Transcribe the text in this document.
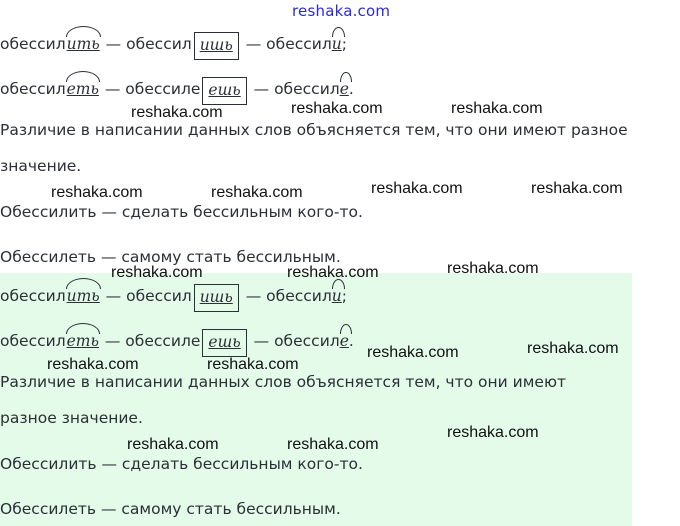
reshaka.com
обессилить — обессил ишь — обессили;
обессилеть — обессиле ешь — обессиле.
Различие в написании данных слов объясняется тем, что они имеют разное значение.
Обессилить — сделать бессильным кого-то.
Обессилеть — самому стать бессильным.
обессилить — обессил ишь — обессили;
обессилеть — обессиле ешь — обессиле.
Различие в написании данных слов объясняется тем, что они имеют разное значение.
Обессилить — сделать бессильным кого-то.
Обессилеть — самому стать бессильным.
reshaka.com	reshaka.com	reshaka.com
reshaka.com	reshaka.com	reshaka.com	reshaka.com
reshaka.com	reshaka.com	reshaka.com
reshaka.com	reshaka.com
reshaka.com	reshaka.com
reshaka.com	reshaka.com
reshaka.com
